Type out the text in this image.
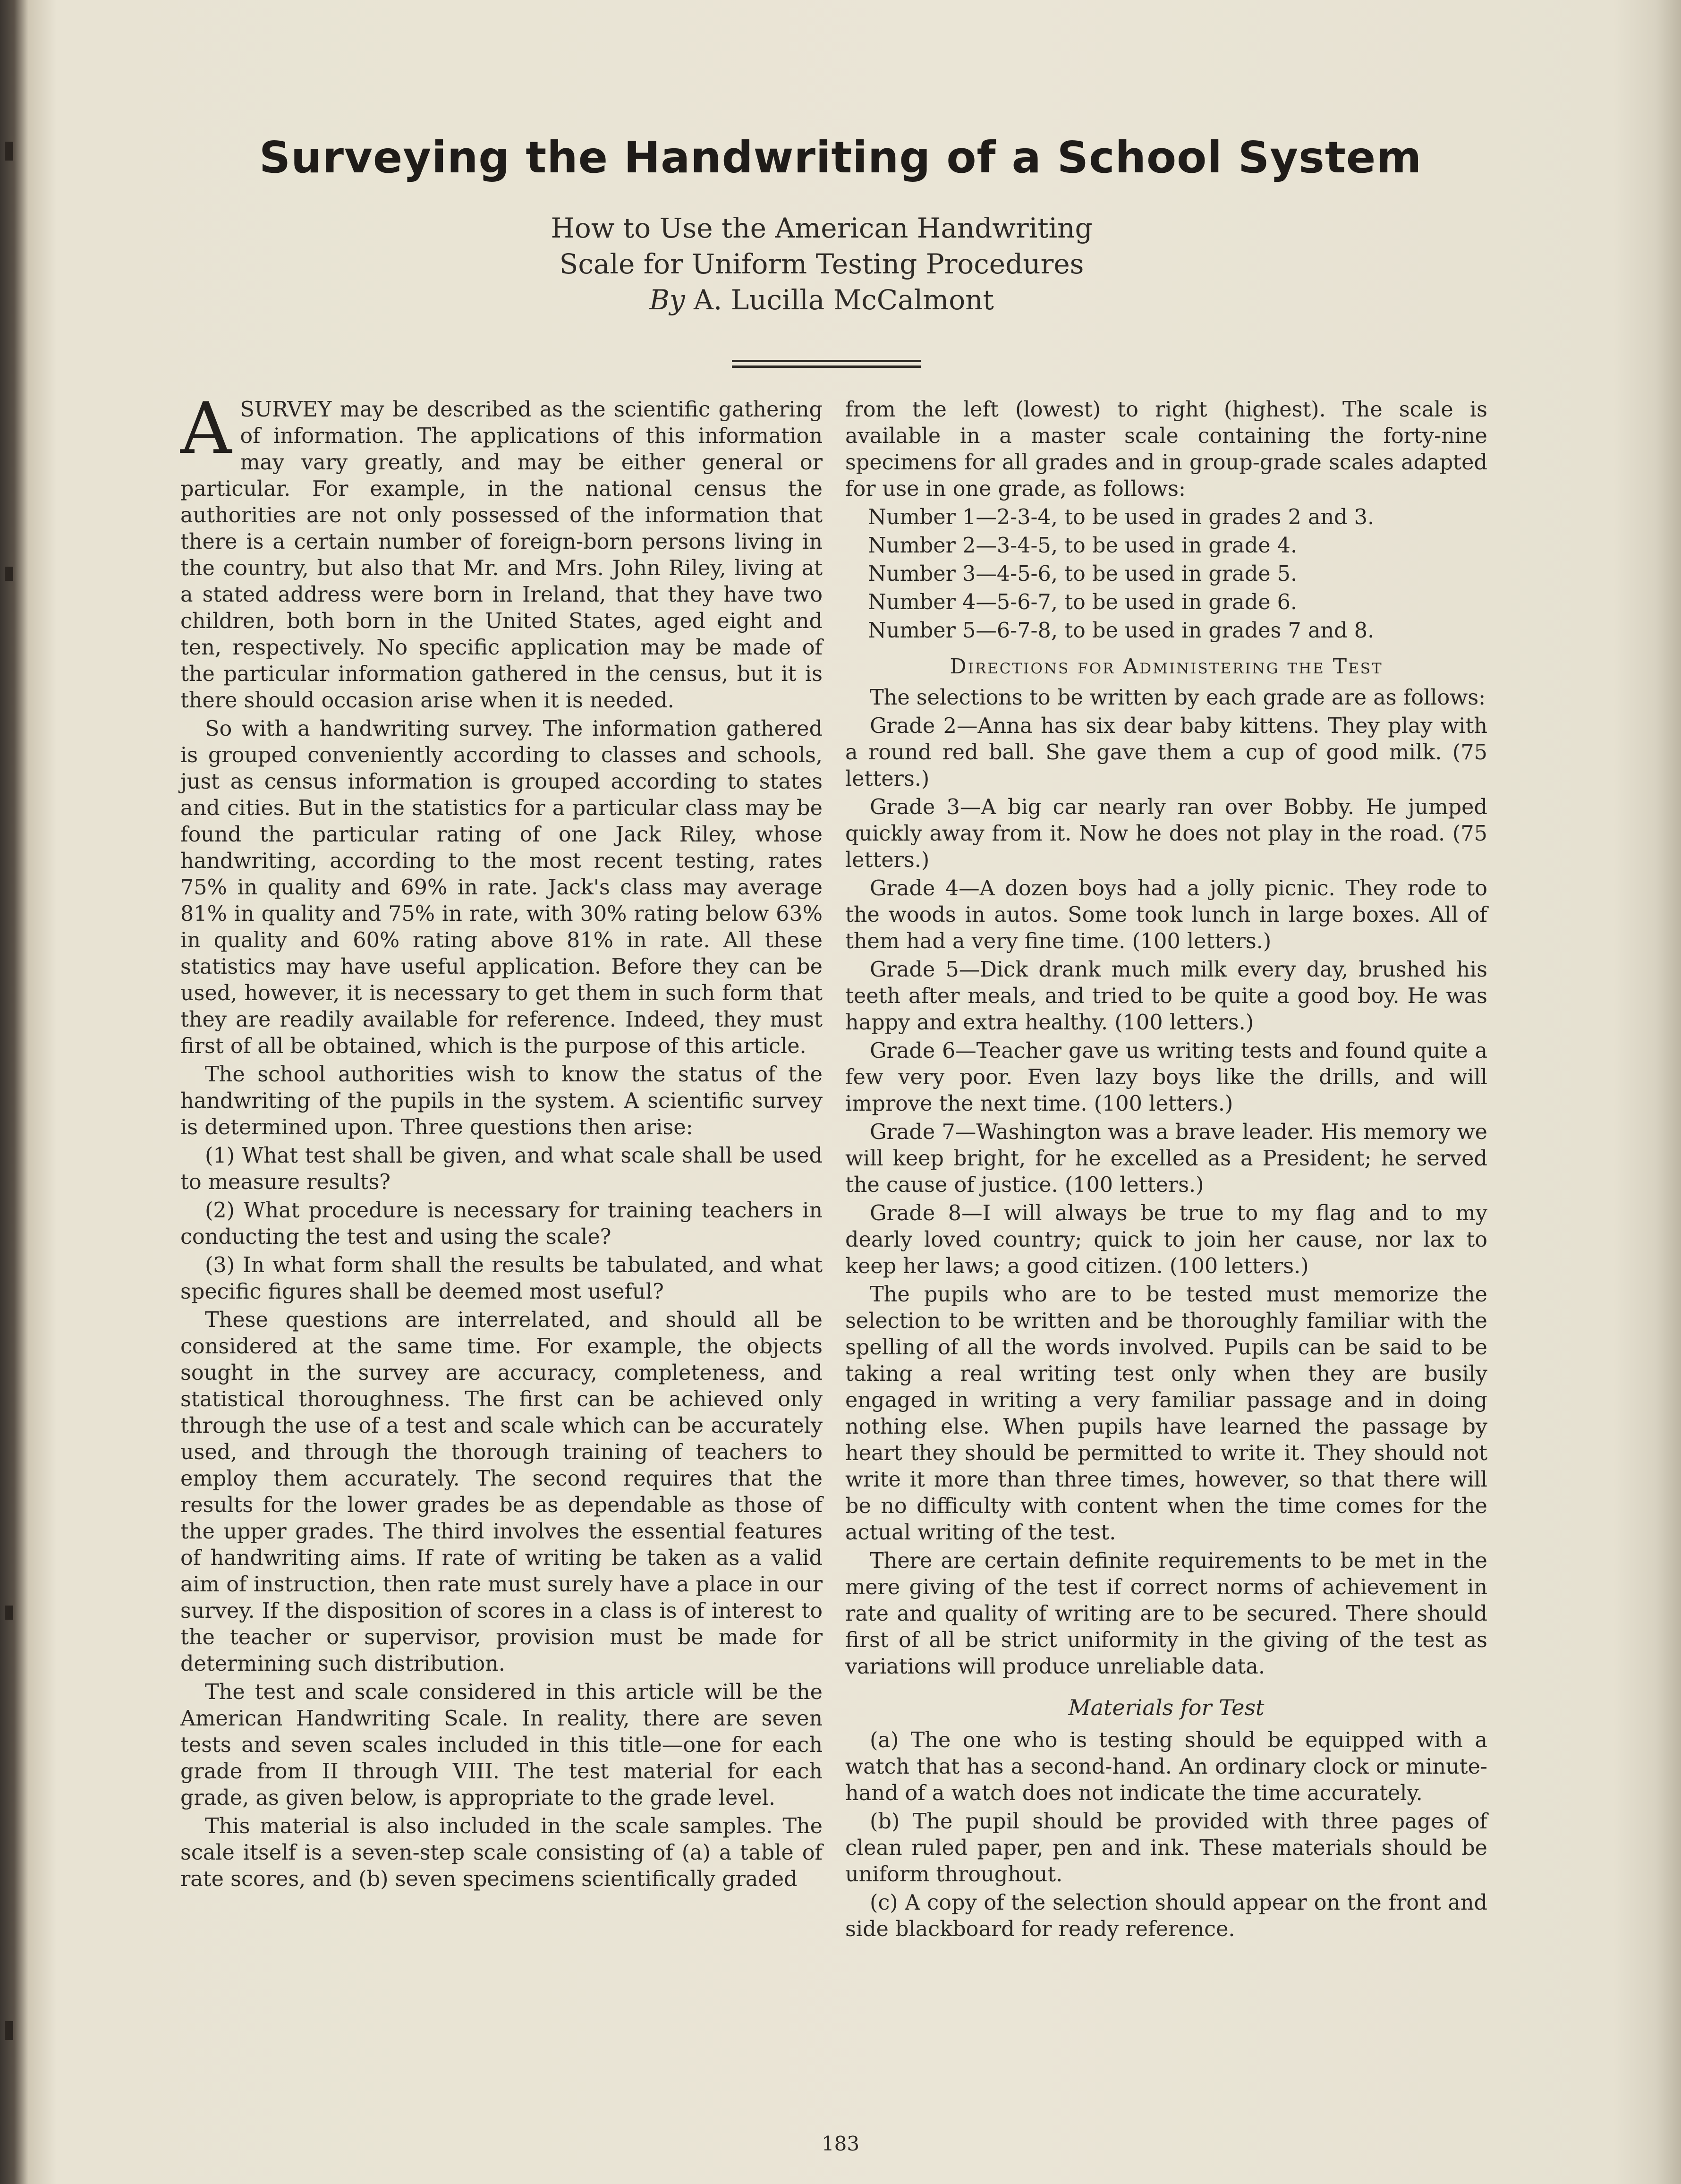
Surveying the Handwriting of a School System
How to Use the American Handwriting
Scale for Uniform Testing Procedures
By A. Lucilla McCalmont

ASURVEY may be described as the scientific gathering of information. The applications of this information may vary greatly, and may be either general or particular. For example, in the national census the authorities are not only possessed of the information that there is a certain number of foreign-born persons living in the country, but also that Mr. and Mrs. John Riley, living at a stated address were born in Ireland, that they have two children, both born in the United States, aged eight and ten, respectively. No specific application may be made of the particular information gathered in the census, but it is there should occasion arise when it is needed.

So with a handwriting survey. The information gathered is grouped conveniently according to classes and schools, just as census information is grouped according to states and cities. But in the statistics for a particular class may be found the particular rating of one Jack Riley, whose handwriting, according to the most recent testing, rates 75% in quality and 69% in rate. Jack's class may average 81% in quality and 75% in rate, with 30% rating below 63% in quality and 60% rating above 81% in rate. All these statistics may have useful application. Before they can be used, however, it is necessary to get them in such form that they are readily available for reference. Indeed, they must first of all be obtained, which is the purpose of this article.

The school authorities wish to know the status of the handwriting of the pupils in the system. A scientific survey is determined upon. Three questions then arise:

(1) What test shall be given, and what scale shall be used to measure results?

(2) What procedure is necessary for training teachers in conducting the test and using the scale?

(3) In what form shall the results be tabulated, and what specific figures shall be deemed most useful?

These questions are interrelated, and should all be considered at the same time. For example, the objects sought in the survey are accuracy, completeness, and statistical thoroughness. The first can be achieved only through the use of a test and scale which can be accurately used, and through the thorough training of teachers to employ them accurately. The second requires that the results for the lower grades be as dependable as those of the upper grades. The third involves the essential features of handwriting aims. If rate of writing be taken as a valid aim of instruction, then rate must surely have a place in our survey. If the disposition of scores in a class is of interest to the teacher or supervisor, provision must be made for determining such distribution.

The test and scale considered in this article will be the American Handwriting Scale. In reality, there are seven tests and seven scales included in this title—one for each grade from II through VIII. The test material for each grade, as given below, is appropriate to the grade level.

This material is also included in the scale samples. The scale itself is a seven-step scale consisting of (a) a table of rate scores, and (b) seven specimens scientifically graded

from the left (lowest) to right (highest). The scale is available in a master scale containing the forty-nine specimens for all grades and in group-grade scales adapted for use in one grade, as follows:

Number 1—2-3-4, to be used in grades 2 and 3.
Number 2—3-4-5, to be used in grade 4.
Number 3—4-5-6, to be used in grade 5.
Number 4—5-6-7, to be used in grade 6.
Number 5—6-7-8, to be used in grades 7 and 8.
Directions for Administering the Test

The selections to be written by each grade are as follows:

Grade 2—Anna has six dear baby kittens. They play with a round red ball. She gave them a cup of good milk. (75 letters.)

Grade 3—A big car nearly ran over Bobby. He jumped quickly away from it. Now he does not play in the road. (75 letters.)

Grade 4—A dozen boys had a jolly picnic. They rode to the woods in autos. Some took lunch in large boxes. All of them had a very fine time. (100 letters.)

Grade 5—Dick drank much milk every day, brushed his teeth after meals, and tried to be quite a good boy. He was happy and extra healthy. (100 letters.)

Grade 6—Teacher gave us writing tests and found quite a few very poor. Even lazy boys like the drills, and will improve the next time. (100 letters.)

Grade 7—Washington was a brave leader. His memory we will keep bright, for he excelled as a President; he served the cause of justice. (100 letters.)

Grade 8—I will always be true to my flag and to my dearly loved country; quick to join her cause, nor lax to keep her laws; a good citizen. (100 letters.)

The pupils who are to be tested must memorize the selection to be written and be thoroughly familiar with the spelling of all the words involved. Pupils can be said to be taking a real writing test only when they are busily engaged in writing a very familiar passage and in doing nothing else. When pupils have learned the passage by heart they should be permitted to write it. They should not write it more than three times, however, so that there will be no difficulty with content when the time comes for the actual writing of the test.

There are certain definite requirements to be met in the mere giving of the test if correct norms of achievement in rate and quality of writing are to be secured. There should first of all be strict uniformity in the giving of the test as variations will produce unreliable data.

Materials for Test

(a) The one who is testing should be equipped with a watch that has a second-hand. An ordinary clock or minute-hand of a watch does not indicate the time accurately.

(b) The pupil should be provided with three pages of clean ruled paper, pen and ink. These materials should be uniform throughout.

(c) A copy of the selection should appear on the front and side blackboard for ready reference.

183
